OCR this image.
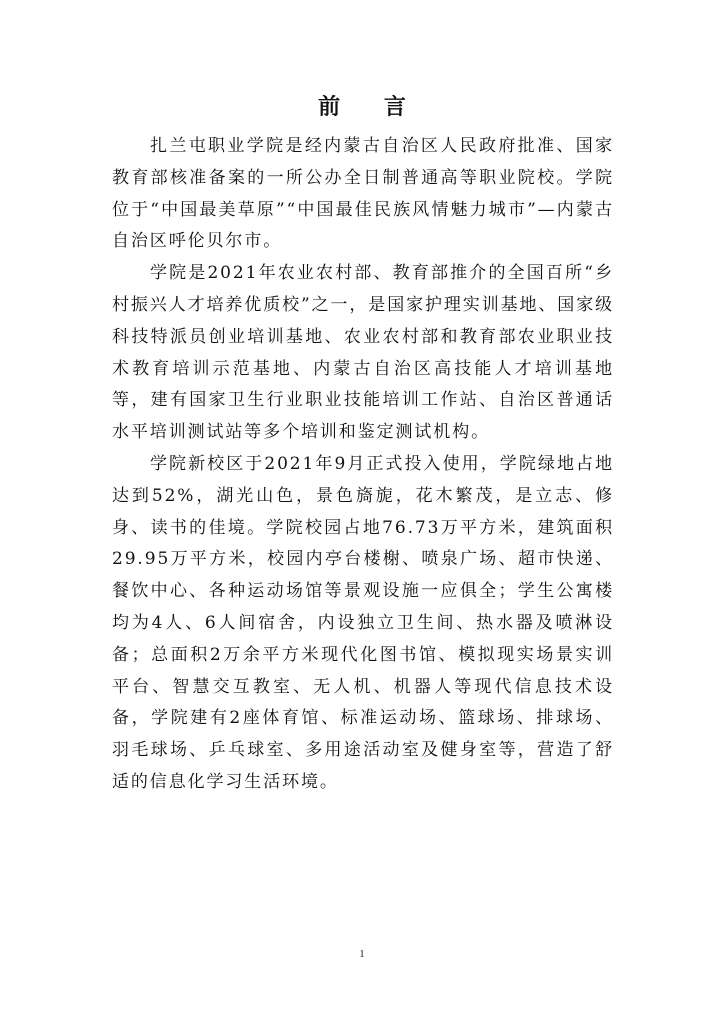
前 言

扎兰屯职业学院是经内蒙古自治区人民政府批准、国家教育部核准备案的一所公办全日制普通高等职业院校。学院位于“中国最美草原”“中国最佳民族风情魅力城市”—内蒙古自治区呼伦贝尔市。

学院是2021年农业农村部、教育部推介的全国百所“乡村振兴人才培养优质校”之一，是国家护理实训基地、国家级科技特派员创业培训基地、农业农村部和教育部农业职业技术教育培训示范基地、内蒙古自治区高技能人才培训基地等，建有国家卫生行业职业技能培训工作站、自治区普通话水平培训测试站等多个培训和鉴定测试机构。

学院新校区于2021年9月正式投入使用，学院绿地占地达到52%，湖光山色，景色旖旎，花木繁茂，是立志、修身、读书的佳境。学院校园占地76.73万平方米，建筑面积29.95万平方米，校园内亭台楼榭、喷泉广场、超市快递、餐饮中心、各种运动场馆等景观设施一应俱全；学生公寓楼均为4人、6人间宿舍，内设独立卫生间、热水器及喷淋设备；总面积2万余平方米现代化图书馆、模拟现实场景实训平台、智慧交互教室、无人机、机器人等现代信息技术设备，学院建有2座体育馆、标准运动场、篮球场、排球场、羽毛球场、乒乓球室、多用途活动室及健身室等，营造了舒适的信息化学习生活环境。

1
